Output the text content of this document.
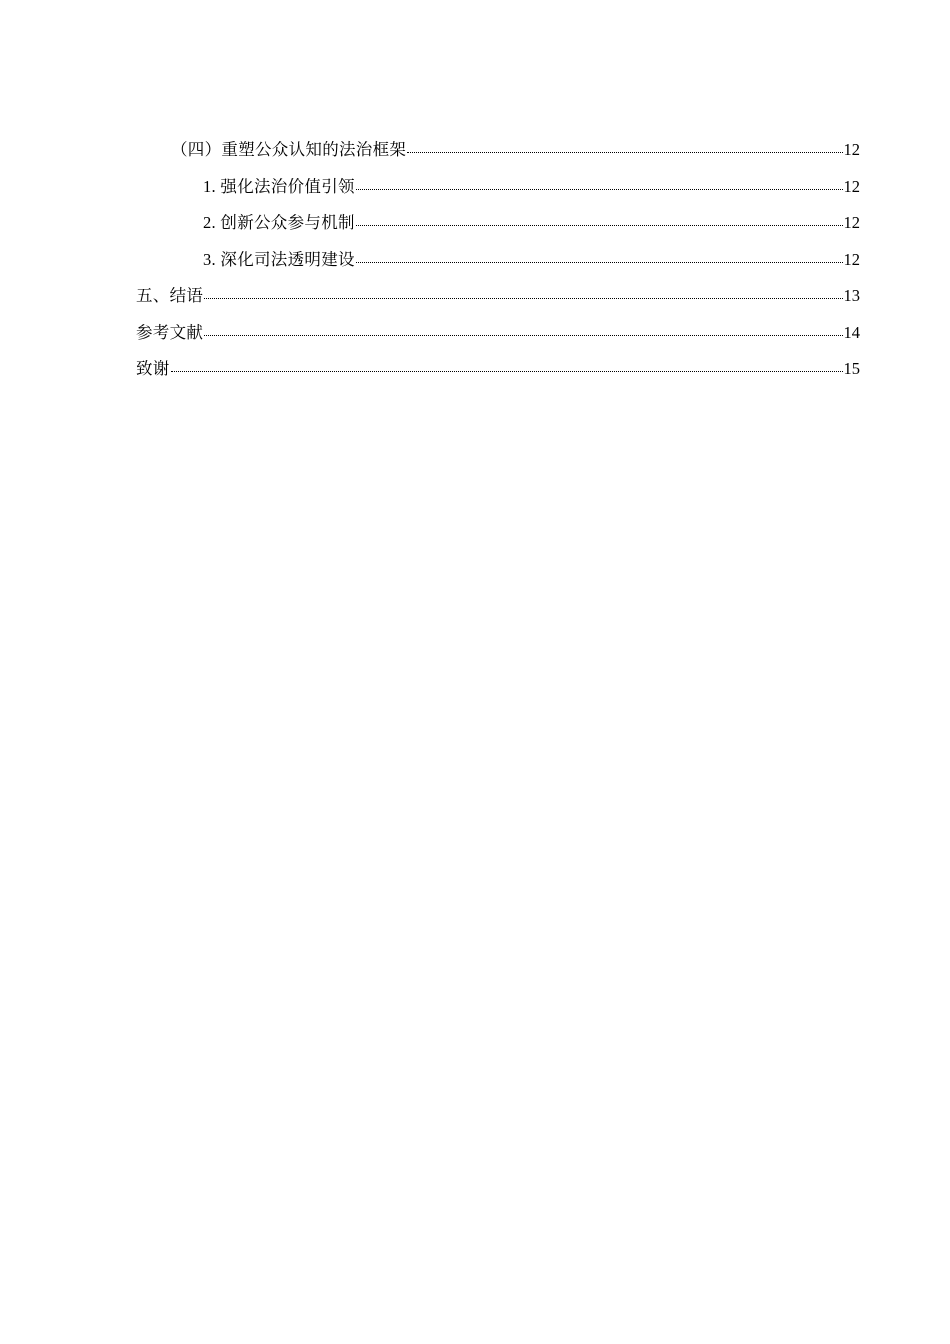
（四）重塑公众认知的法治框架	12
1. 强化法治价值引领	12
2. 创新公众参与机制	12
3. 深化司法透明建设	12
五、结语	13
参考文献	14
致谢	15
